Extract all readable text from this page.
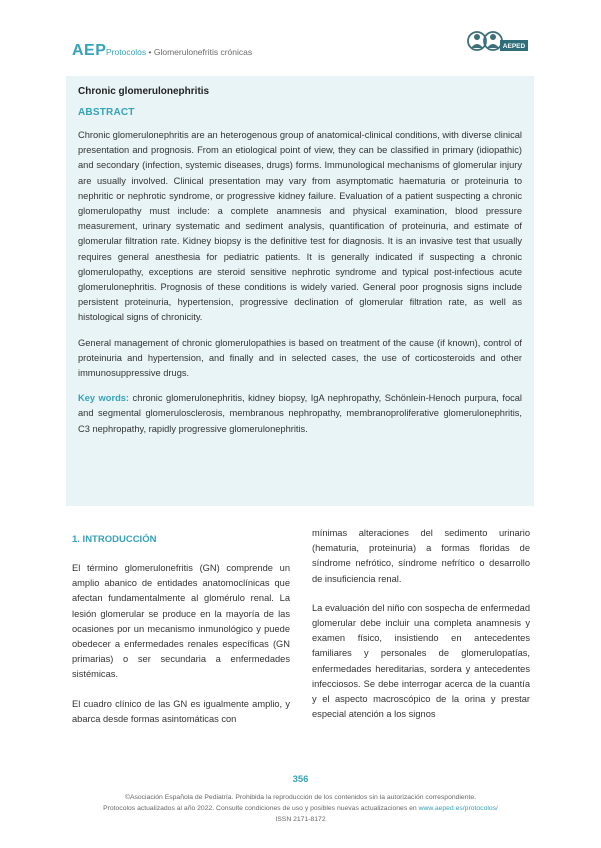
AEP Protocolos • Glomerulonefritis crónicas
AEPED

Chronic glomerulonephritis

ABSTRACT

Chronic glomerulonephritis are an heterogenous group of anatomical-clinical conditions, with diverse clinical presentation and prognosis. From an etiological point of view, they can be classified in primary (idiopathic) and secondary (infection, systemic diseases, drugs) forms. Immunological mechanisms of glomerular injury are usually involved. Clinical presentation may vary from asymptomatic haematuria or proteinuria to nephritic or nephrotic syndrome, or progressive kidney failure. Evaluation of a patient suspecting a chronic glomerulopathy must include: a complete anamnesis and physical examination, blood pressure measurement, urinary systematic and sediment analysis, quantification of proteinuria, and estimate of glomerular filtration rate. Kidney biopsy is the definitive test for diagnosis. It is an invasive test that usually requires general anesthesia for pediatric patients. It is generally indicated if suspecting a chronic glomerulopathy, exceptions are steroid sensitive nephrotic syndrome and typical post-infectious acute glomerulonephritis. Prognosis of these conditions is widely varied. General poor prognosis signs include persistent proteinuria, hypertension, progressive declination of glomerular filtration rate, as well as histological signs of chronicity.

General management of chronic glomerulopathies is based on treatment of the cause (if known), control of proteinuria and hypertension, and finally and in selected cases, the use of corticosteroids and other immunosuppressive drugs.

Key words: chronic glomerulonephritis, kidney biopsy, IgA nephropathy, Schönlein-Henoch purpura, focal and segmental glomerulosclerosis, membranous nephropathy, membranoproliferative glomerulonephritis, C3 nephropathy, rapidly progressive glomerulonephritis.

1. INTRODUCCIÓN

El término glomerulonefritis (GN) comprende un amplio abanico de entidades anatomoclínicas que afectan fundamentalmente al glomérulo renal. La lesión glomerular se produce en la mayoría de las ocasiones por un mecanismo inmunológico y puede obedecer a enfermedades renales específicas (GN primarias) o ser secundaria a enfermedades sistémicas.

El cuadro clínico de las GN es igualmente amplio, y abarca desde formas asintomáticas con

mínimas alteraciones del sedimento urinario (hematuria, proteinuria) a formas floridas de síndrome nefrótico, síndrome nefrítico o desarrollo de insuficiencia renal.

La evaluación del niño con sospecha de enfermedad glomerular debe incluir una completa anamnesis y examen físico, insistiendo en antecedentes familiares y personales de glomerulopatías, enfermedades hereditarias, sordera y antecedentes infecciosos. Se debe interrogar acerca de la cuantía y el aspecto macroscópico de la orina y prestar especial atención a los signos

356
©Asociación Española de Pediatría. Prohibida la reproducción de los contenidos sin la autorización correspondiente.
Protocolos actualizados al año 2022. Consulte condiciones de uso y posibles nuevas actualizaciones en www.aeped.es/protocolos/
ISSN 2171-8172
